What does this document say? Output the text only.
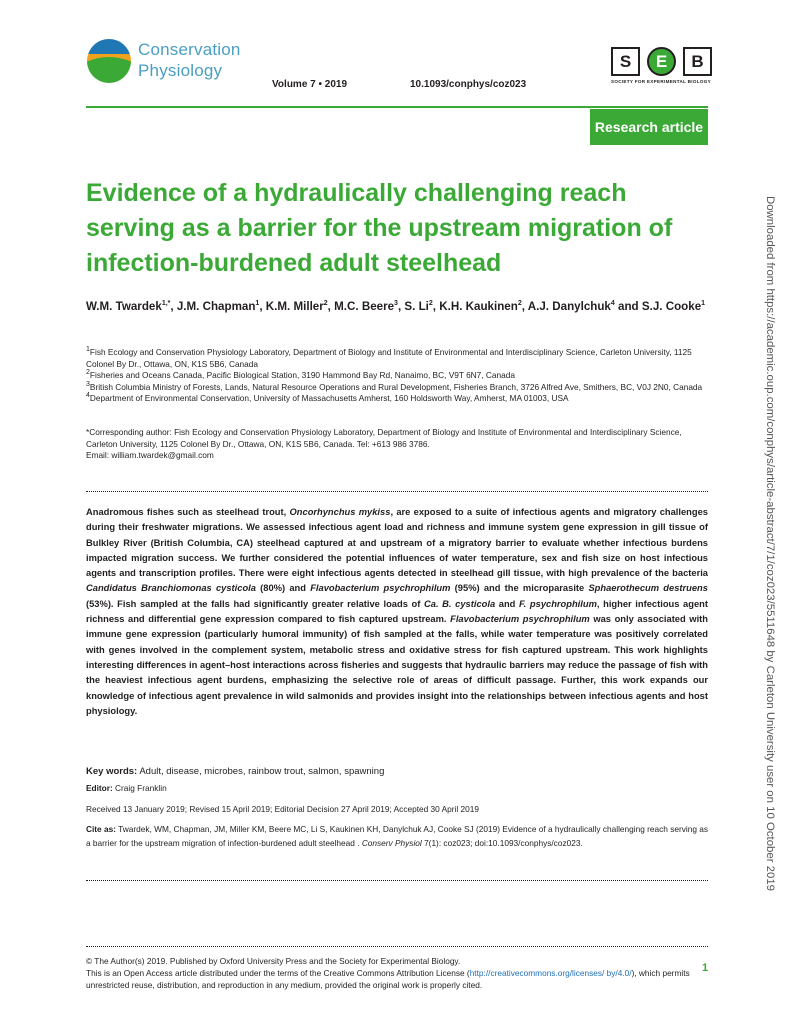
Conservation
Physiology
Volume 7 • 2019	10.1093/conphys/coz023
S	E	B
SOCIETY FOR EXPERIMENTAL BIOLOGY
Research article
Evidence of a hydraulically challenging reach serving as a barrier for the upstream migration of infection-burdened adult steelhead
W.M. Twardek$^{1,*}$, J.M. Chapman$^1$, K.M. Miller$^2$, M.C. Beere$^3$, S. Li$^2$, K.H. Kaukinen$^2$, A.J. Danylchuk$^4$ and S.J. Cooke$^1$

$^1$Fish Ecology and Conservation Physiology Laboratory, Department of Biology and Institute of Environmental and Interdisciplinary Science, Carleton University, 1125 Colonel By Dr., Ottawa, ON, K1S 5B6, Canada

$^2$Fisheries and Oceans Canada, Pacific Biological Station, 3190 Hammond Bay Rd, Nanaimo, BC, V9T 6N7, Canada

$^3$British Columbia Ministry of Forests, Lands, Natural Resource Operations and Rural Development, Fisheries Branch, 3726 Alfred Ave, Smithers, BC, V0J 2N0, Canada

$^4$Department of Environmental Conservation, University of Massachusetts Amherst, 160 Holdsworth Way, Amherst, MA 01003, USA

*Corresponding author: Fish Ecology and Conservation Physiology Laboratory, Department of Biology and Institute of Environmental and Interdisciplinary Science, Carleton University, 1125 Colonel By Dr., Ottawa, ON, K1S 5B6, Canada. Tel: +613 986 3786.

Email: william.twardek@gmail.com

Anadromous fishes such as steelhead trout, Oncorhynchus mykiss, are exposed to a suite of infectious agents and migratory challenges during their freshwater migrations. We assessed infectious agent load and richness and immune system gene expression in gill tissue of Bulkley River (British Columbia, CA) steelhead captured at and upstream of a migratory barrier to evaluate whether infectious burdens impacted migration success. We further considered the potential influences of water temperature, sex and fish size on host infectious agents and transcription profiles. There were eight infectious agents detected in steelhead gill tissue, with high prevalence of the bacteria Candidatus Branchiomonas cysticola (80%) and Flavobacterium psychrophilum (95%) and the microparasite Sphaerothecum destruens (53%). Fish sampled at the falls had significantly greater relative loads of Ca. B. cysticola and F. psychrophilum, higher infectious agent richness and differential gene expression compared to fish captured upstream. Flavobacterium psychrophilum was only associated with immune gene expression (particularly humoral immunity) of fish sampled at the falls, while water temperature was positively correlated with genes involved in the complement system, metabolic stress and oxidative stress for fish captured upstream. This work highlights interesting differences in agent–host interactions across fisheries and suggests that hydraulic barriers may reduce the passage of fish with the heaviest infectious agent burdens, emphasizing the selective role of areas of difficult passage. Further, this work expands our knowledge of infectious agent prevalence in wild salmonids and provides insight into the relationships between infectious agents and host physiology.

Key words: Adult, disease, microbes, rainbow trout, salmon, spawning
Editor: Craig Franklin
Received 13 January 2019; Revised 15 April 2019; Editorial Decision 27 April 2019; Accepted 30 April 2019

Cite as: Twardek, WM, Chapman, JM, Miller KM, Beere MC, Li S, Kaukinen KH, Danylchuk AJ, Cooke SJ (2019) Evidence of a hydraulically challenging reach serving as a barrier for the upstream migration of infection-burdened adult steelhead . Conserv Physiol 7(1): coz023; doi:10.1093/conphys/coz023.

© The Author(s) 2019. Published by Oxford University Press and the Society for Experimental Biology.

This is an Open Access article distributed under the terms of the Creative Commons Attribution License (http://creativecommons.org/licenses/ by/4.0/), which permits unrestricted reuse, distribution, and reproduction in any medium, provided the original work is properly cited.

1
Downloaded from https://academic.oup.com/conphys/article-abstract/7/1/coz023/5511648 by Carleton University user on 10 October 2019
